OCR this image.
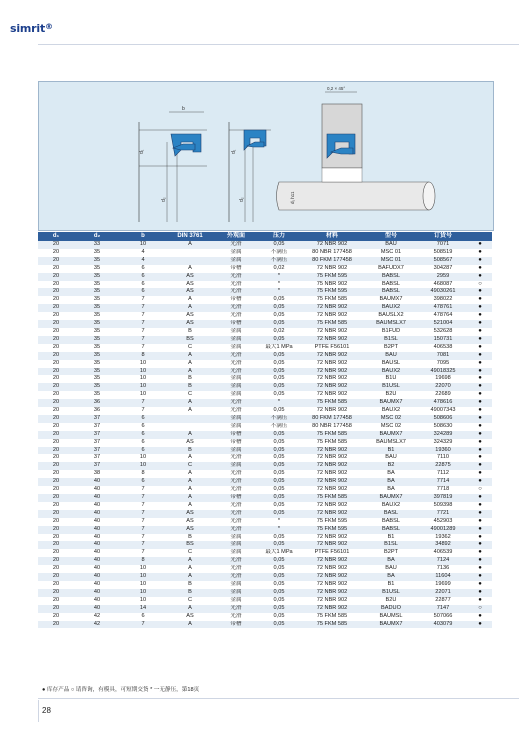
simrit®
b
d₁
d₂
d₁
d₂
0,2 × 45°
d₁ h11
d₁	d₂	b	DIN 3761	外观面	压力	材料	型号	订货号	
20	33	10	A	光滑	0,05	72 NBR 902	BAU	7071	●
20	35	4		金属	不满压	80 NBR 177458	MSC 01	508519	●
20	35	4		金属	不满压	80 FKM 177458	MSC 01	508567	●
20	35	6	A	带槽	0,02	72 NBR 902	BAFUDX7	304287	●
20	35	6	AS	光滑	*	75 FKM 595	BABSL	2959	●
20	35	6	AS	光滑	*	75 NBR 902	BABSL	468087	○
20	35	6	AS	光滑	*	75 FKM 595	BABSL	49030261	●
20	35	7	A	带槽	0,05	75 FKM 585	BAUMX7	398022	●
20	35	7	A	光滑	0,05	72 NBR 902	BAUX2	478761	●
20	35	7	AS	光滑	0,05	72 NBR 902	BAUSLX2	478764	●
20	35	7	AS	带槽	0,05	75 FKM 585	BAUMSLX7	521004	●
20	35	7	B	金属	0,02	72 NBR 902	B1FUD	532628	●
20	35	7	BS	金属	0,05	72 NBR 902	B1SL	150731	●
20	35	7	C	金属	最大1 MPa	PTFE F56101	B2PT	406538	●
20	35	8	A	光滑	0,05	72 NBR 902	BAU	7081	●
20	35	10	A	光滑	0,05	72 NBR 902	BAUSL	7095	●
20	35	10	A	光滑	0,05	72 NBR 902	BAUX2	49018325	●
20	35	10	B	金属	0,05	72 NBR 902	B1U	19698	●
20	35	10	B	金属	0,05	72 NBR 902	B1USL	22070	●
20	35	10	C	金属	0,05	72 NBR 902	B2U	22689	●
20	36	7	A	光滑	*	75 FKM 585	BAUMX7	478616	●
20	36	7	A	光滑	0,05	72 NBR 902	BAUX2	49007343	●
20	37	6		金属	不满压	80 FKM 177458	MSC 02	508606	●
20	37	6		金属	不满压	80 NBR 177458	MSC 02	508630	●
20	37	6	A	带槽	0,05	75 FKM 585	BAUMX7	324289	●
20	37	6	AS	带槽	0,05	75 FKM 585	BAUMSLX7	324329	●
20	37	6	B	金属	0,05	72 NBR 902	B1	19360	●
20	37	10	A	光滑	0,05	72 NBR 902	BAU	7110	●
20	37	10	C	金属	0,05	72 NBR 902	B2	22875	●
20	38	8	A	光滑	0,05	72 NBR 902	BA	7112	●
20	40	6	A	光滑	0,05	72 NBR 902	BA	7714	●
20	40	7	A	光滑	0,05	72 NBR 902	BA	7718	○
20	40	7	A	带槽	0,05	75 FKM 585	BAUMX7	397819	●
20	40	7	A	光滑	0,05	72 NBR 902	BAUX2	509398	●
20	40	7	AS	光滑	0,05	72 NBR 902	BASL	7721	●
20	40	7	AS	光滑	*	75 FKM 595	BABSL	452903	●
20	40	7	AS	光滑	*	75 FKM 595	BABSL	49001289	●
20	40	7	B	金属	0,05	72 NBR 902	B1	19362	●
20	40	7	BS	金属	0,05	72 NBR 902	B1SL	34892	●
20	40	7	C	金属	最大1 MPa	PTFE F56101	B2PT	406539	●
20	40	8	A	光滑	0,05	72 NBR 902	BA	7124	●
20	40	10	A	光滑	0,05	72 NBR 902	BAU	7136	●
20	40	10	A	光滑	0,05	72 NBR 902	BA	11604	●
20	40	10	B	金属	0,05	72 NBR 902	B1	19699	●
20	40	10	B	金属	0,05	72 NBR 902	B1USL	22071	●
20	40	10	C	金属	0,05	72 NBR 902	B2U	22877	●
20	40	14	A	光滑	0,05	72 NBR 902	BADUO	7147	○
20	42	6	AS	光滑	0,05	75 FKM 585	BAUMSL	507066	●
20	42	7	A	带槽	0,05	75 FKM 585	BAUMX7	403079	●
● 库存产品 ○ 请咨询，有模具，可短期交货 * 一无静压，第18页
28
